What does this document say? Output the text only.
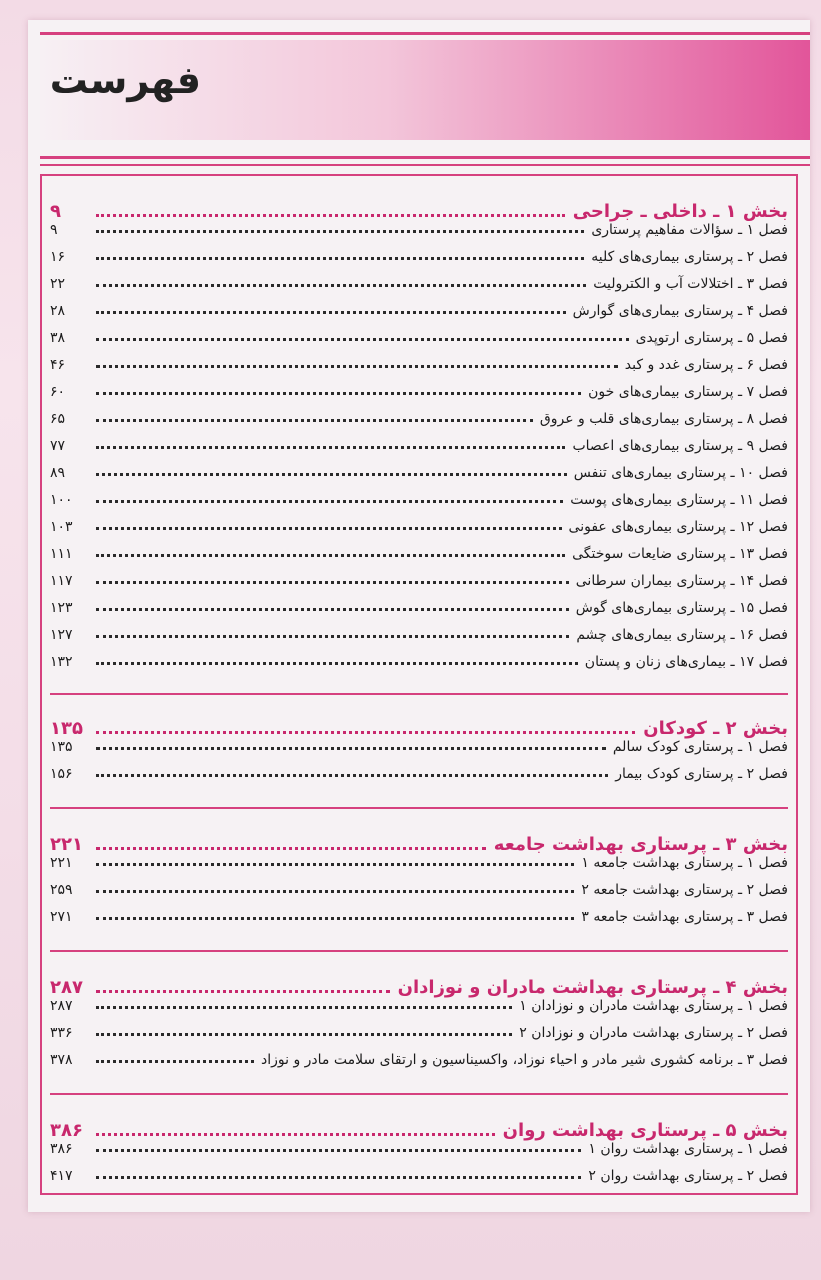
بخش ۱ ـ داخلی ـ جراحی
۹
فصل ۱ ـ سؤالات مفاهیم پرستاری
۹
فصل ۲ ـ پرستاری بیماری‌های کلیه
۱۶
فصل ۳ ـ اختلالات آب و الکترولیت
۲۲
فصل ۴ ـ پرستاری بیماری‌های گوارش
۲۸
فصل ۵ ـ پرستاری ارتوپدی
۳۸
فصل ۶ ـ پرستاری غدد و کبد
۴۶
فصل ۷ ـ پرستاری بیماری‌های خون
۶۰
فصل ۸ ـ پرستاری بیماری‌های قلب و عروق
۶۵
فصل ۹ ـ پرستاری بیماری‌های اعصاب
۷۷
فصل ۱۰ ـ پرستاری بیماری‌های تنفس
۸۹
فصل ۱۱ ـ پرستاری بیماری‌های پوست
۱۰۰
فصل ۱۲ ـ پرستاری بیماری‌های عفونی
۱۰۳
فصل ۱۳ ـ پرستاری ضایعات سوختگی
۱۱۱
فصل ۱۴ ـ پرستاری بیماران سرطانی
۱۱۷
فصل ۱۵ ـ پرستاری بیماری‌های گوش
۱۲۳
فصل ۱۶ ـ پرستاری بیماری‌های چشم
۱۲۷
فصل ۱۷ ـ بیماری‌های زنان و پستان
۱۳۲
بخش ۲ ـ کودکان
۱۳۵
فصل ۱ ـ پرستاری کودک سالم
۱۳۵
فصل ۲ ـ پرستاری کودک بیمار
۱۵۶
بخش ۳ ـ پرستاری بهداشت جامعه
۲۲۱
فصل ۱ ـ پرستاری بهداشت جامعه ۱
۲۲۱
فصل ۲ ـ پرستاری بهداشت جامعه ۲
۲۵۹
فصل ۳ ـ پرستاری بهداشت جامعه ۳
۲۷۱
بخش ۴ ـ پرستاری بهداشت مادران و نوزادان
۲۸۷
فصل ۱ ـ پرستاری بهداشت مادران و نوزادان ۱
۲۸۷
فصل ۲ ـ پرستاری بهداشت مادران و نوزادان ۲
۳۳۶
فصل ۳ ـ برنامه کشوری شیر مادر و احیاء نوزاد، واکسیناسیون و ارتقای سلامت مادر و نوزاد
۳۷۸
بخش ۵ ـ پرستاری بهداشت روان
۳۸۶
فصل ۱ ـ پرستاری بهداشت روان ۱
۳۸۶
فصل ۲ ـ پرستاری بهداشت روان ۲
۴۱۷
فهرست
